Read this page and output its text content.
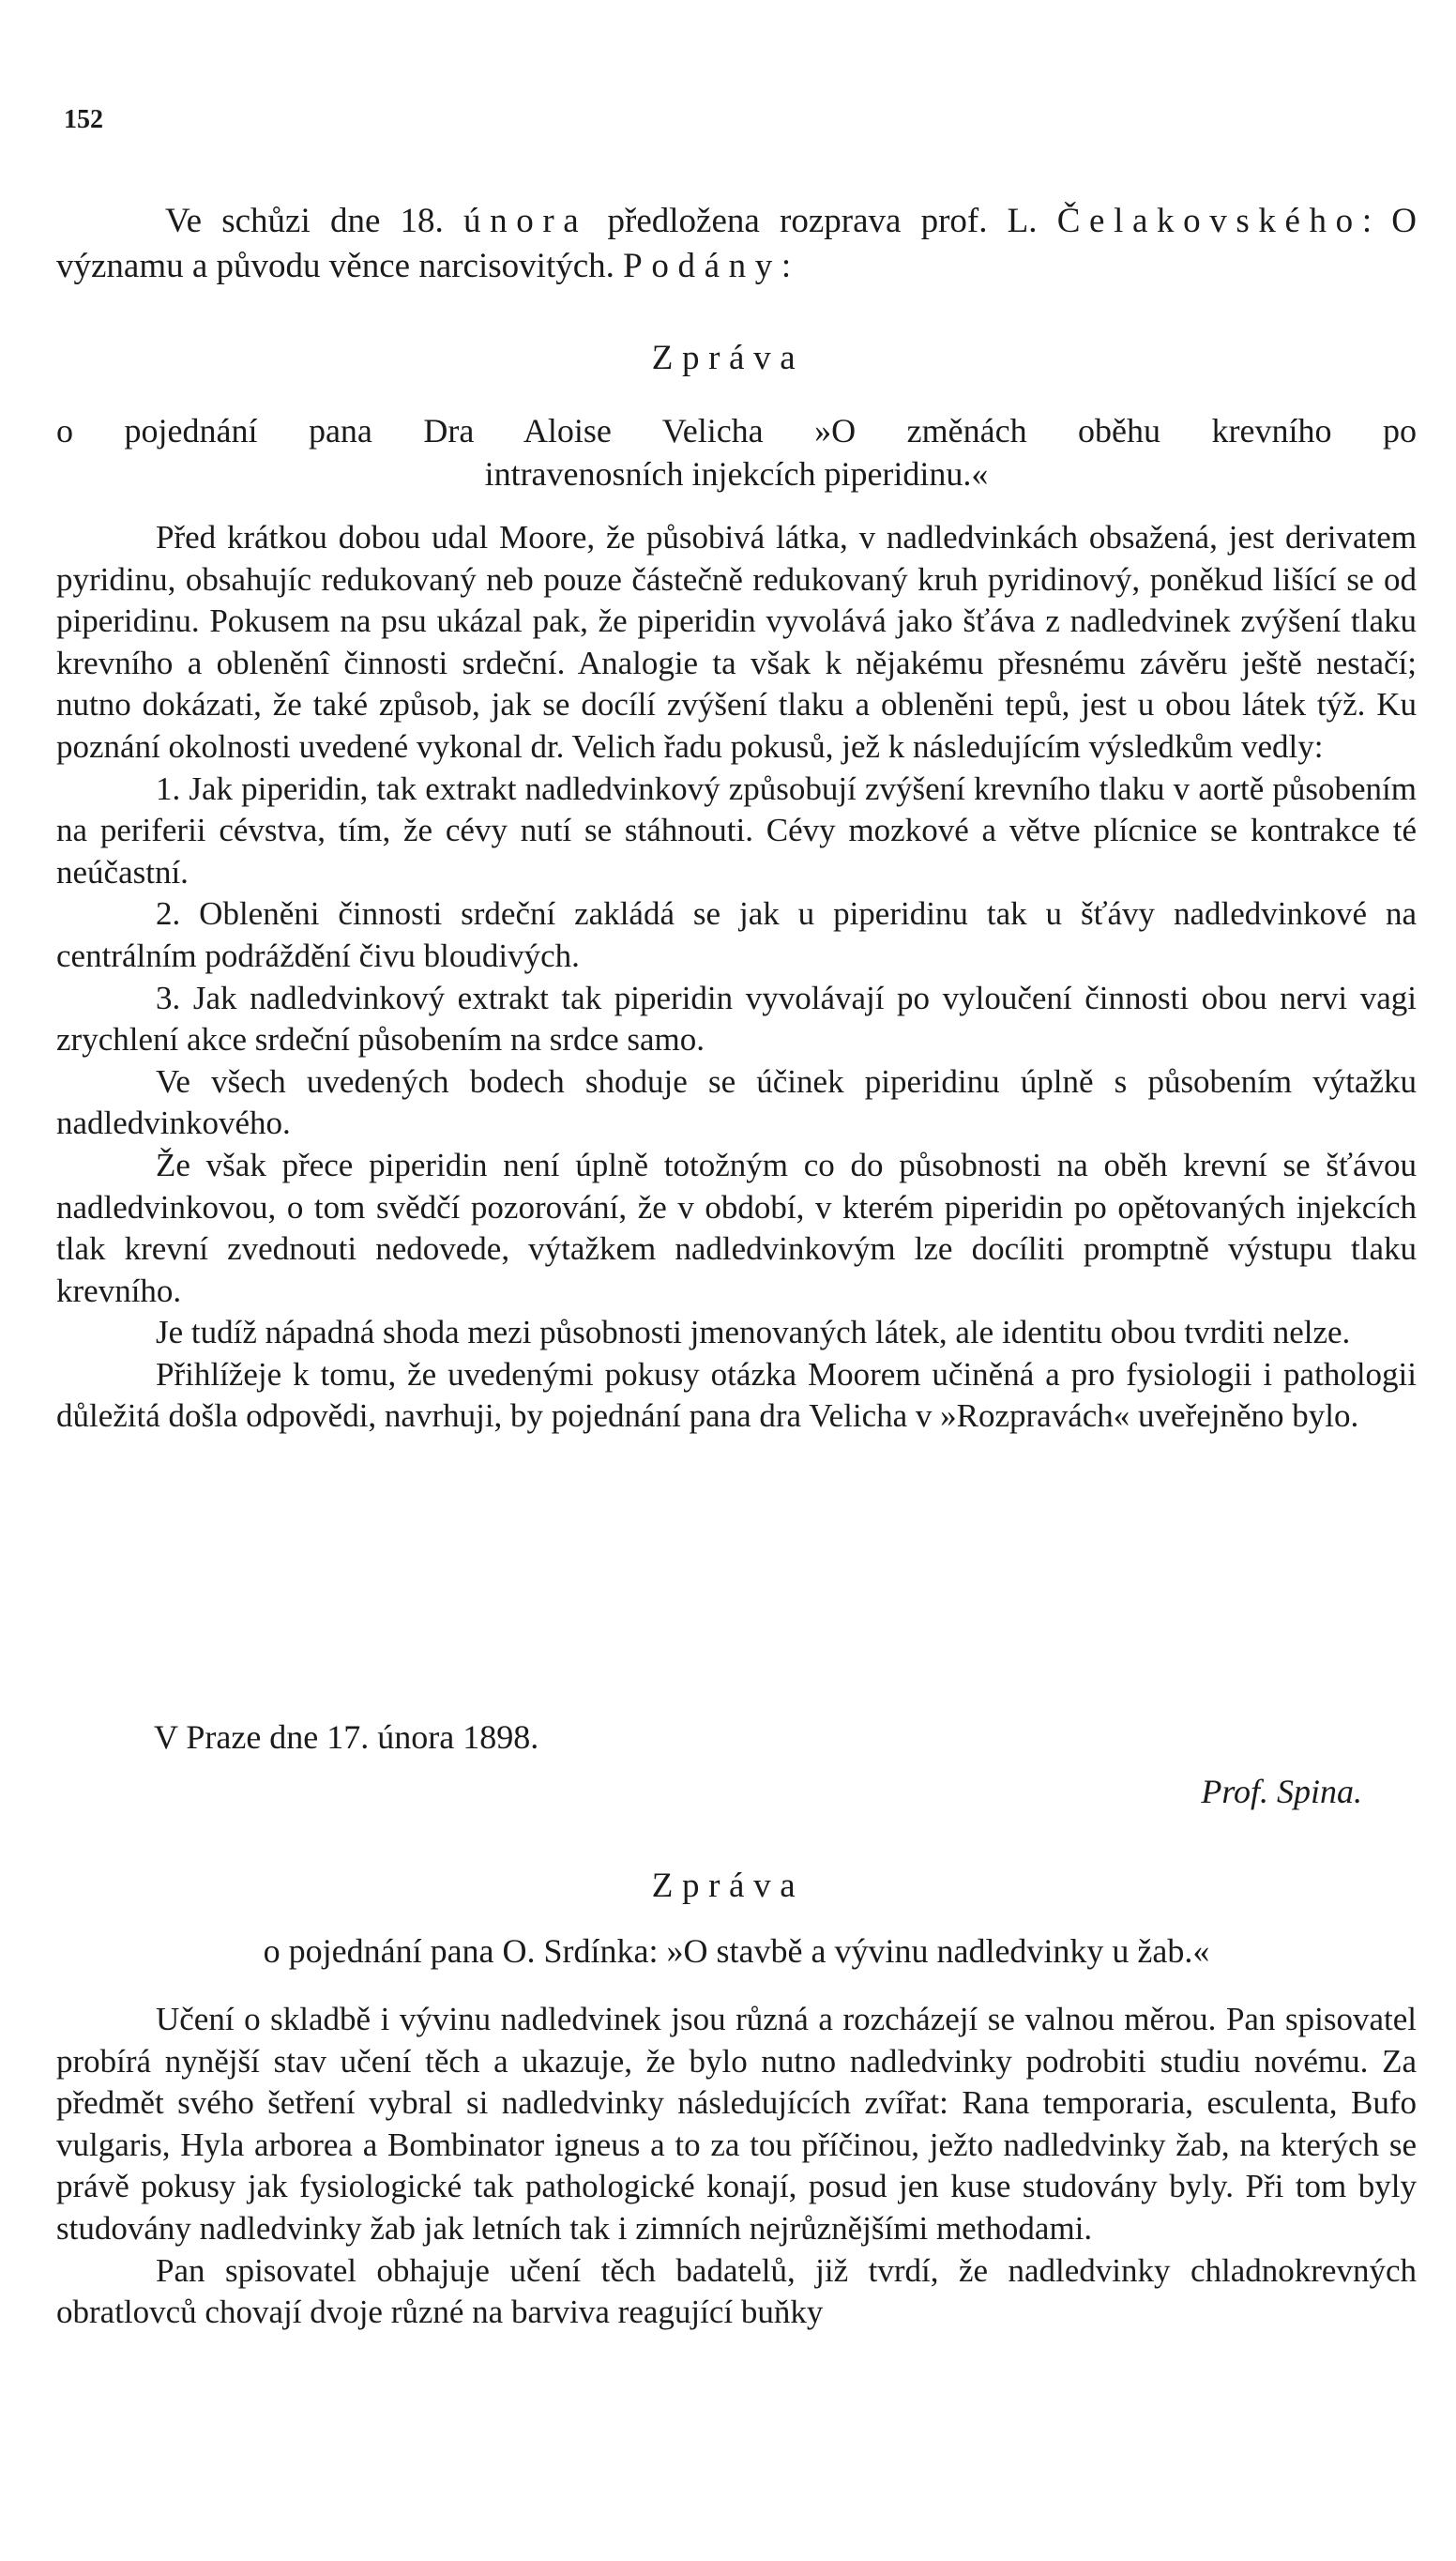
152

Ve schůzi dne 18. února předložena rozprava prof. L. Čelakovského: O významu a původu věnce narcisovitých. Podány:

Zpráva
o pojednání pana Dra Aloise Velicha »O změnách oběhu krevního po
intravenosních injekcích piperidinu.«

Před krátkou dobou udal Moore, že působivá látka, v nadledvinkách obsažená, jest derivatem pyridinu, obsahujíc redukovaný neb pouze částečně redukovaný kruh pyridinový, poněkud lišící se od piperidinu. Pokusem na psu ukázal pak, že piperidin vyvolává jako šťáva z nadledvinek zvýšení tlaku krevního a obleněnî činnosti srdeční. Analogie ta však k nějakému přesnému závěru ještě nestačí; nutno dokázati, že také způsob, jak se docílí zvýšení tlaku a obleněni tepů, jest u obou látek týž. Ku poznání okolnosti uvedené vykonal dr. Velich řadu pokusů, jež k následujícím výsledkům vedly:

1. Jak piperidin, tak extrakt nadledvinkový způsobují zvýšení krevního tlaku v aortě působením na periferii cévstva, tím, že cévy nutí se stáhnouti. Cévy mozkové a větve plícnice se kontrakce té neúčastní.

2. Obleněni činnosti srdeční zakládá se jak u piperidinu tak u šťávy nadledvinkové na centrálním podráždění čivu bloudivých.

3. Jak nadledvinkový extrakt tak piperidin vyvolávají po vyloučení činnosti obou nervi vagi zrychlení akce srdeční působením na srdce samo.

Ve všech uvedených bodech shoduje se účinek piperidinu úplně s působením výtažku nadledvinkového.

Že však přece piperidin není úplně totožným co do působnosti na oběh krevní se šťávou nadledvinkovou, o tom svědčí pozorování, že v období, v kterém piperidin po opětovaných injekcích tlak krevní zvednouti nedovede, výtažkem nadledvinkovým lze docíliti promptně výstupu tlaku krevního.

Je tudíž nápadná shoda mezi působnosti jmenovaných látek, ale identitu obou tvrditi nelze.

Přihlížeje k tomu, že uvedenými pokusy otázka Moorem učiněná a pro fysiologii i pathologii důležitá došla odpovědi, navrhuji, by pojednání pana dra Velicha v »Rozpravách« uveřejněno bylo.

V Praze dne 17. února 1898.
Prof. Spina.
Zpráva
o pojednání pana O. Srdínka: »O stavbě a vývinu nadledvinky u žab.«

Učení o skladbě i vývinu nadledvinek jsou různá a rozcházejí se valnou měrou. Pan spisovatel probírá nynější stav učení těch a ukazuje, že bylo nutno nadledvinky podrobiti studiu novému. Za předmět svého šetření vybral si nadledvinky následujících zvířat: Rana temporaria, esculenta, Bufo vulgaris, Hyla arborea a Bombinator igneus a to za tou příčinou, ježto nadledvinky žab, na kterých se právě pokusy jak fysiologické tak pathologické konají, posud jen kuse studovány byly. Při tom byly studovány nadledvinky žab jak letních tak i zimních nejrůznějšími methodami.

Pan spisovatel obhajuje učení těch badatelů, již tvrdí, že nadledvinky chladnokrevných obratlovců chovají dvoje různé na barviva reagující buňky
